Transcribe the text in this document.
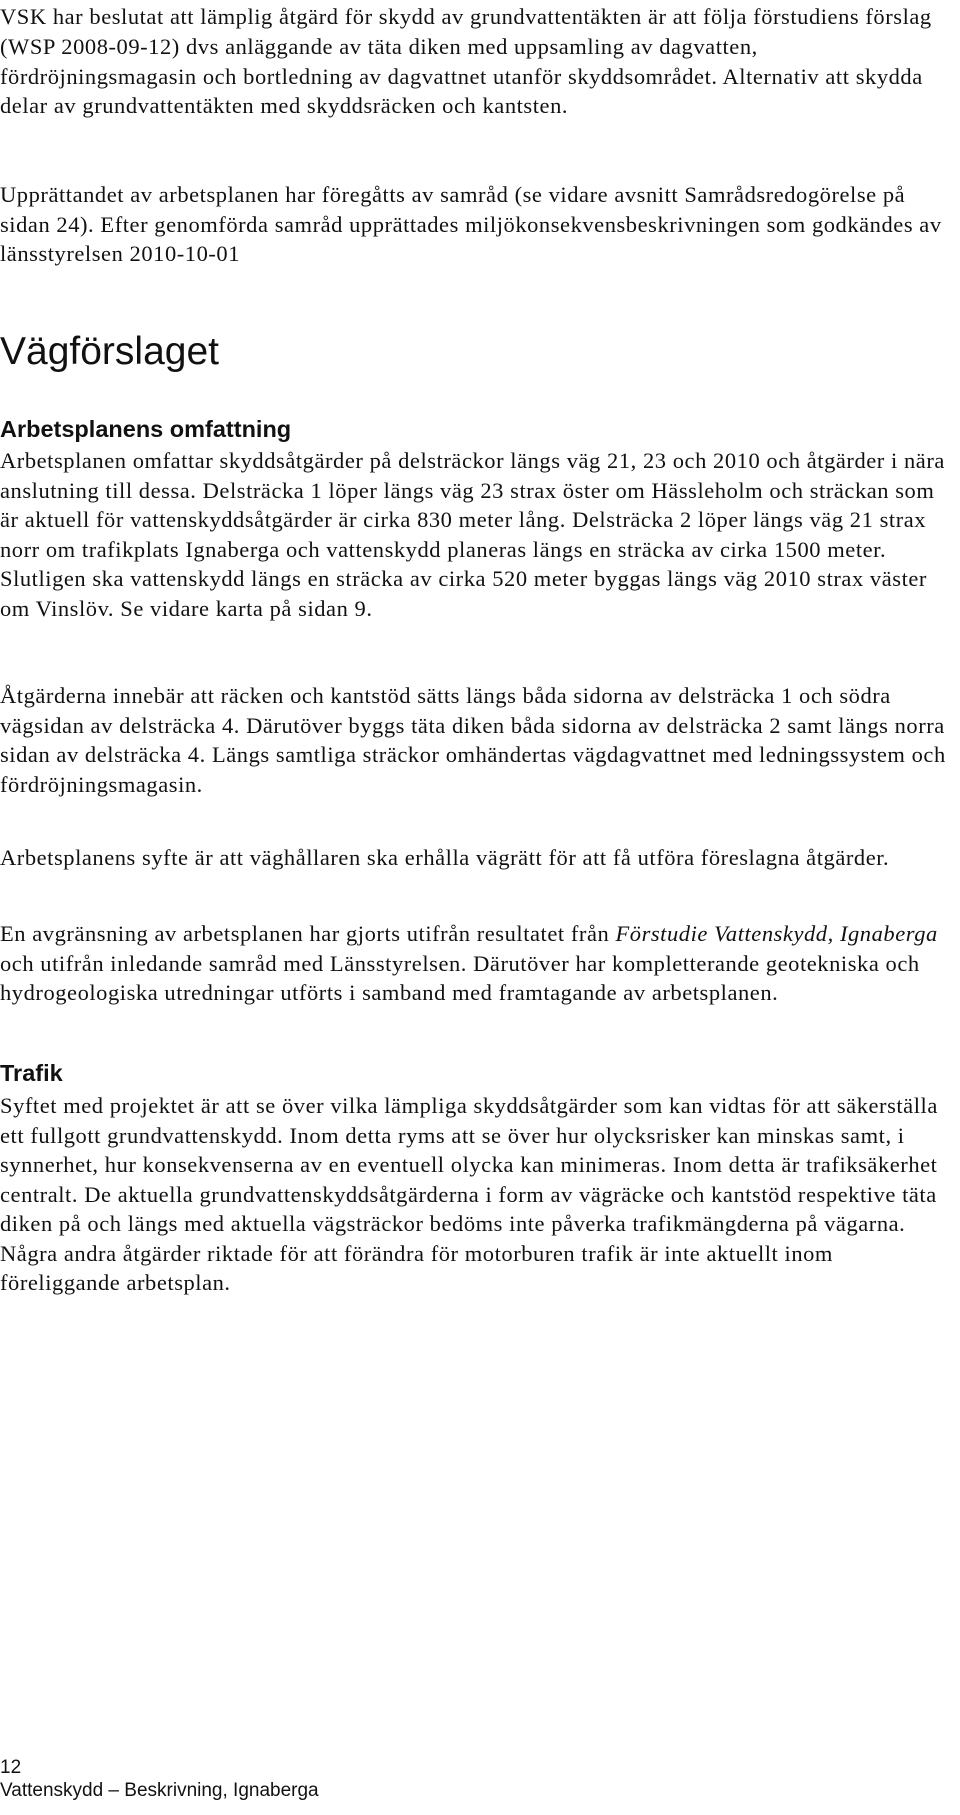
VSK har beslutat att lämplig åtgärd för skydd av grundvattentäkten är att följa förstudiens förslag (WSP 2008-09-12) dvs anläggande av täta diken med uppsamling av dagvatten, fördröjningsmagasin och bortledning av dagvattnet utanför skyddsområdet. Alternativ att skydda delar av grundvattentäkten med skyddsräcken och kantsten.

Upprättandet av arbetsplanen har föregåtts av samråd (se vidare avsnitt Samrådsredogörelse på sidan 24). Efter genomförda samråd upprättades miljökonsekvensbeskrivningen som godkändes av länsstyrelsen 2010-10-01

Vägförslaget
Arbetsplanens omfattning

Arbetsplanen omfattar skyddsåtgärder på delsträckor längs väg 21, 23 och 2010 och åtgärder i nära anslutning till dessa. Delsträcka 1 löper längs väg 23 strax öster om Hässleholm och sträckan som är aktuell för vattenskyddsåtgärder är cirka 830 meter lång. Delsträcka 2 löper längs väg 21 strax norr om trafikplats Ignaberga och vattenskydd planeras längs en sträcka av cirka 1500 meter. Slutligen ska vattenskydd längs en sträcka av cirka 520 meter byggas längs väg 2010 strax väster om Vinslöv. Se vidare karta på sidan 9.

Åtgärderna innebär att räcken och kantstöd sätts längs båda sidorna av delsträcka 1 och södra vägsidan av delsträcka 4. Därutöver byggs täta diken båda sidorna av delsträcka 2 samt längs norra sidan av delsträcka 4. Längs samtliga sträckor omhändertas vägdagvattnet med ledningssystem och fördröjningsmagasin.

Arbetsplanens syfte är att väghållaren ska erhålla vägrätt för att få utföra föreslagna åtgärder.

En avgränsning av arbetsplanen har gjorts utifrån resultatet från Förstudie Vattenskydd, Ignaberga och utifrån inledande samråd med Länsstyrelsen. Därutöver har kompletterande geotekniska och hydrogeologiska utredningar utförts i samband med framtagande av arbetsplanen.

Trafik

Syftet med projektet är att se över vilka lämpliga skyddsåtgärder som kan vidtas för att säkerställa ett fullgott grundvattenskydd. Inom detta ryms att se över hur olycksrisker kan minskas samt, i synnerhet, hur konsekvenserna av en eventuell olycka kan minimeras. Inom detta är trafiksäkerhet centralt. De aktuella grundvattenskyddsåtgärderna i form av vägräcke och kantstöd respektive täta diken på och längs med aktuella vägsträckor bedöms inte påverka trafikmängderna på vägarna. Några andra åtgärder riktade för att förändra för motorburen trafik är inte aktuellt inom föreliggande arbetsplan.

12
Vattenskydd – Beskrivning, Ignaberga
